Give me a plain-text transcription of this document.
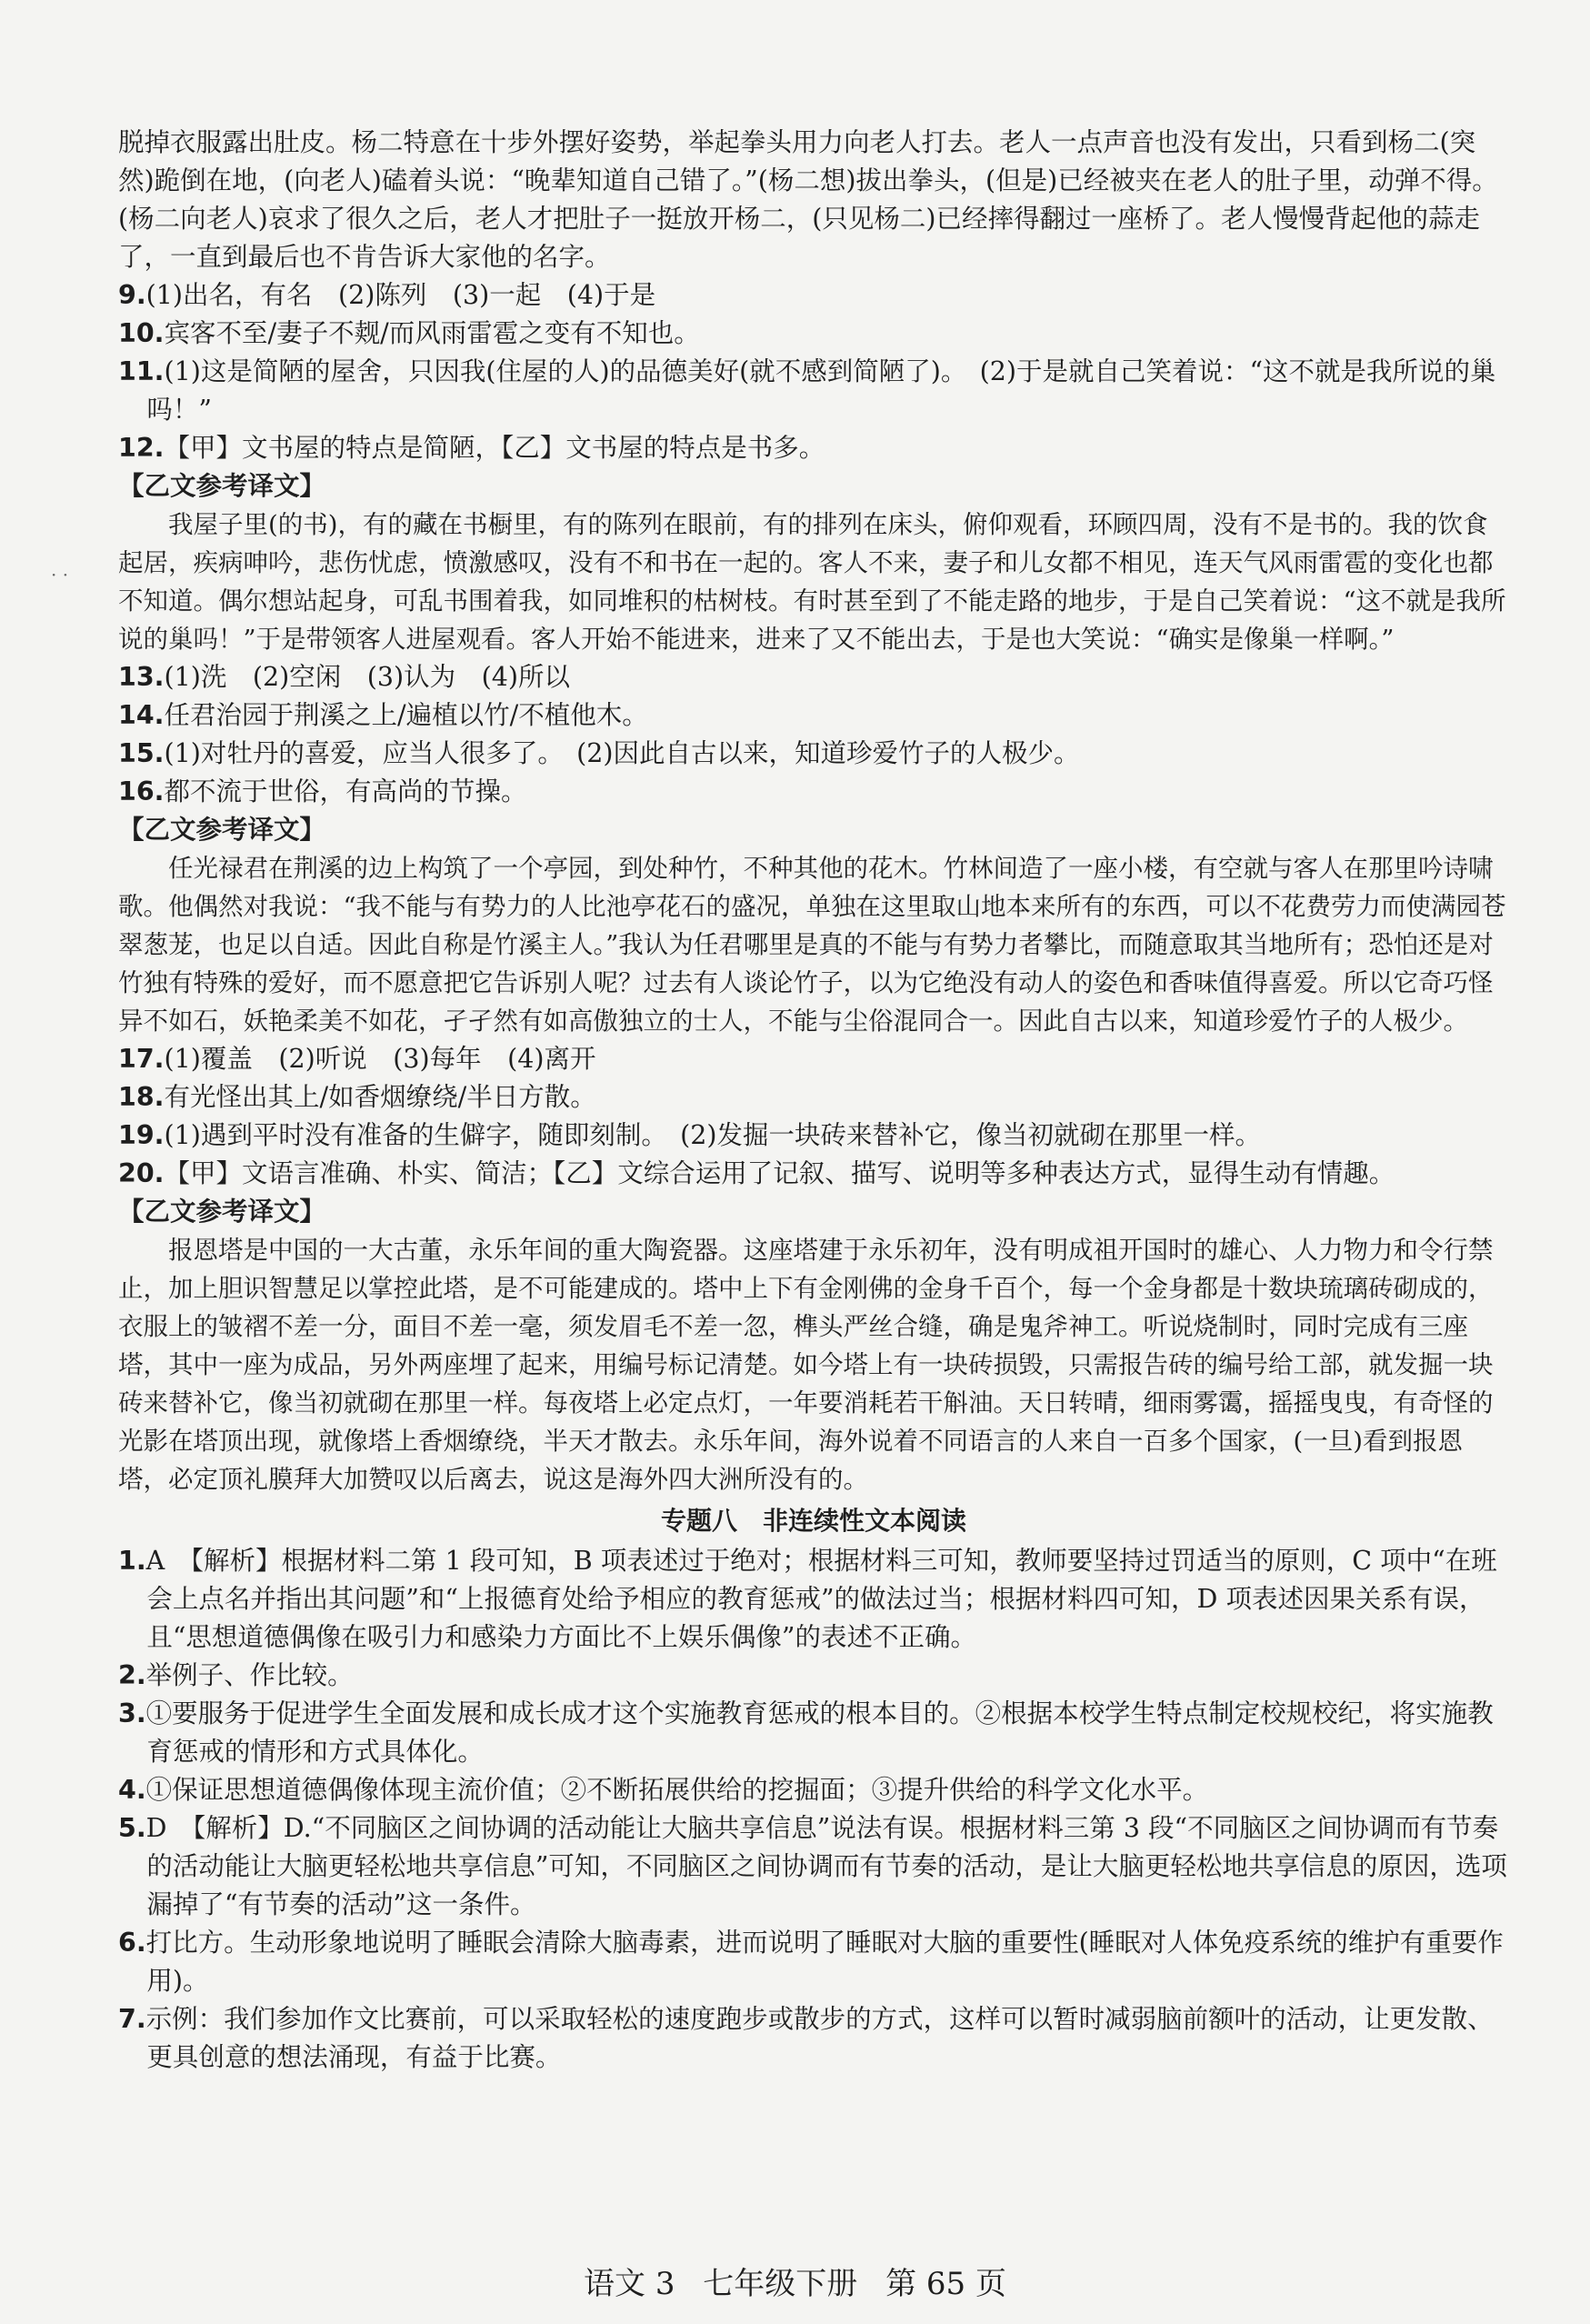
· ·

脱掉衣服露出肚皮。杨二特意在十步外摆好姿势，举起拳头用力向老人打去。老人一点声音也没有发出，只看到杨二(突然)跪倒在地，(向老人)磕着头说：“晚辈知道自己错了。”(杨二想)拔出拳头，(但是)已经被夹在老人的肚子里，动弹不得。(杨二向老人)哀求了很久之后，老人才把肚子一挺放开杨二，(只见杨二)已经摔得翻过一座桥了。老人慢慢背起他的蒜走了，一直到最后也不肯告诉大家他的名字。

9.(1)出名，有名　(2)陈列　(3)一起　(4)于是

10.宾客不至/妻子不觌/而风雨雷雹之变有不知也。

11.(1)这是简陋的屋舍，只因我(住屋的人)的品德美好(就不感到简陋了)。　(2)于是就自己笑着说：“这不就是我所说的巢吗！”

12.【甲】文书屋的特点是简陋，【乙】文书屋的特点是书多。

【乙文参考译文】

我屋子里(的书)，有的藏在书橱里，有的陈列在眼前，有的排列在床头，俯仰观看，环顾四周，没有不是书的。我的饮食起居，疾病呻吟，悲伤忧虑，愤激感叹，没有不和书在一起的。客人不来，妻子和儿女都不相见，连天气风雨雷雹的变化也都不知道。偶尔想站起身，可乱书围着我，如同堆积的枯树枝。有时甚至到了不能走路的地步，于是自己笑着说：“这不就是我所说的巢吗！”于是带领客人进屋观看。客人开始不能进来，进来了又不能出去，于是也大笑说：“确实是像巢一样啊。”

13.(1)洗　(2)空闲　(3)认为　(4)所以

14.任君治园于荆溪之上/遍植以竹/不植他木。

15.(1)对牡丹的喜爱，应当人很多了。　(2)因此自古以来，知道珍爱竹子的人极少。

16.都不流于世俗，有高尚的节操。

【乙文参考译文】

任光禄君在荆溪的边上构筑了一个亭园，到处种竹，不种其他的花木。竹林间造了一座小楼，有空就与客人在那里吟诗啸歌。他偶然对我说：“我不能与有势力的人比池亭花石的盛况，单独在这里取山地本来所有的东西，可以不花费劳力而使满园苍翠葱茏，也足以自适。因此自称是竹溪主人。”我认为任君哪里是真的不能与有势力者攀比，而随意取其当地所有；恐怕还是对竹独有特殊的爱好，而不愿意把它告诉别人呢？过去有人谈论竹子，以为它绝没有动人的姿色和香味值得喜爱。所以它奇巧怪异不如石，妖艳柔美不如花，孑孑然有如高傲独立的士人，不能与尘俗混同合一。因此自古以来，知道珍爱竹子的人极少。

17.(1)覆盖　(2)听说　(3)每年　(4)离开

18.有光怪出其上/如香烟缭绕/半日方散。

19.(1)遇到平时没有准备的生僻字，随即刻制。　(2)发掘一块砖来替补它，像当初就砌在那里一样。

20.【甲】文语言准确、朴实、简洁；【乙】文综合运用了记叙、描写、说明等多种表达方式，显得生动有情趣。

【乙文参考译文】

报恩塔是中国的一大古董，永乐年间的重大陶瓷器。这座塔建于永乐初年，没有明成祖开国时的雄心、人力物力和令行禁止，加上胆识智慧足以掌控此塔，是不可能建成的。塔中上下有金刚佛的金身千百个，每一个金身都是十数块琉璃砖砌成的，衣服上的皱褶不差一分，面目不差一毫，须发眉毛不差一忽，榫头严丝合缝，确是鬼斧神工。听说烧制时，同时完成有三座塔，其中一座为成品，另外两座埋了起来，用编号标记清楚。如今塔上有一块砖损毁，只需报告砖的编号给工部，就发掘一块砖来替补它，像当初就砌在那里一样。每夜塔上必定点灯，一年要消耗若干斛油。天日转晴，细雨雾霭，摇摇曳曳，有奇怪的光影在塔顶出现，就像塔上香烟缭绕，半天才散去。永乐年间，海外说着不同语言的人来自一百多个国家，(一旦)看到报恩塔，必定顶礼膜拜大加赞叹以后离去，说这是海外四大洲所没有的。

专题八　非连续性文本阅读

1.A　【解析】根据材料二第 1 段可知，B 项表述过于绝对；根据材料三可知，教师要坚持过罚适当的原则，C 项中“在班会上点名并指出其问题”和“上报德育处给予相应的教育惩戒”的做法过当；根据材料四可知，D 项表述因果关系有误，且“思想道德偶像在吸引力和感染力方面比不上娱乐偶像”的表述不正确。

2.举例子、作比较。

3.①要服务于促进学生全面发展和成长成才这个实施教育惩戒的根本目的。②根据本校学生特点制定校规校纪，将实施教育惩戒的情形和方式具体化。

4.①保证思想道德偶像体现主流价值；②不断拓展供给的挖掘面；③提升供给的科学文化水平。

5.D　【解析】D.“不同脑区之间协调的活动能让大脑共享信息”说法有误。根据材料三第 3 段“不同脑区之间协调而有节奏的活动能让大脑更轻松地共享信息”可知，不同脑区之间协调而有节奏的活动，是让大脑更轻松地共享信息的原因，选项漏掉了“有节奏的活动”这一条件。

6.打比方。生动形象地说明了睡眠会清除大脑毒素，进而说明了睡眠对大脑的重要性(睡眠对人体免疫系统的维护有重要作用)。

7.示例：我们参加作文比赛前，可以采取轻松的速度跑步或散步的方式，这样可以暂时减弱脑前额叶的活动，让更发散、更具创意的想法涌现，有益于比赛。

语文 3 七年级下册 第 65 页
